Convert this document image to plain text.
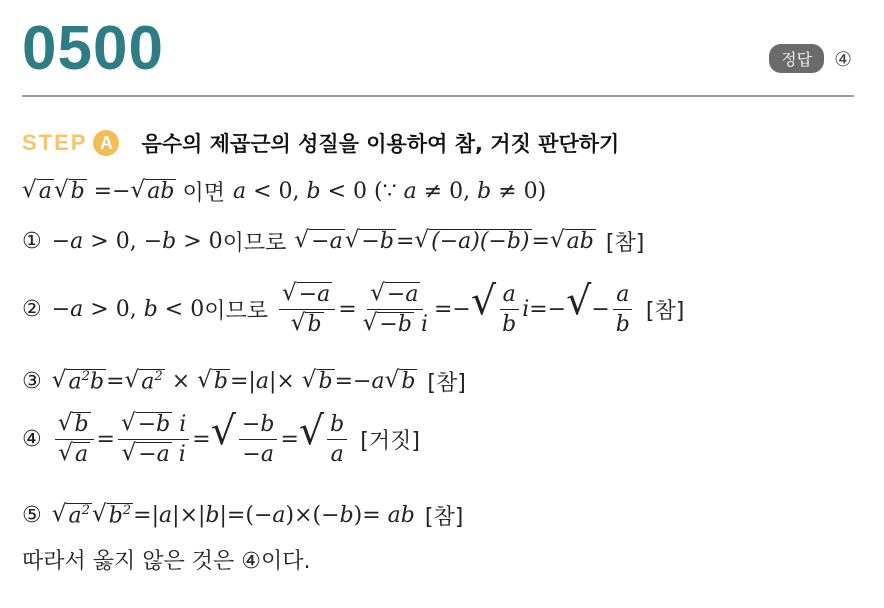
0500	정답	④
STEP A	음수의 제곱근의 성질을 이용하여 참, 거짓 판단하기
√ a √ b =− √ ab 이면 a < 0, b < 0 (∵
a ≠ 0, b ≠ 0)
① − a > 0, − b > 0 이므로 √ −a √ −b = √ (−a)(−b) = √ ab [참]
② − a > 0, b < 0 이므로 $\frac{√ -a}{√ b} = \frac{√ -a}{\text{√ −b i}}$ =− √ $\frac{a}{b}$ i =− √ − $\frac{a}{b}$ [참]
③ √ $a^2b$ = √ $a^2$ × √ b =| a |× √ b =− a √ b [참]
④ $\frac{√ b}{√ a} = \frac{\text{√ −b i}}{\text{√ −a i}}$ = √ $\frac{-b}{-a}$ = √ $\frac{b}{a}$ [거짓]
⑤ √ $a^2$ √ $b^2$ =| a |×| b |=(− a )×(− b )= ab [참]
따라서 옳지 않은 것은 ④이다.
